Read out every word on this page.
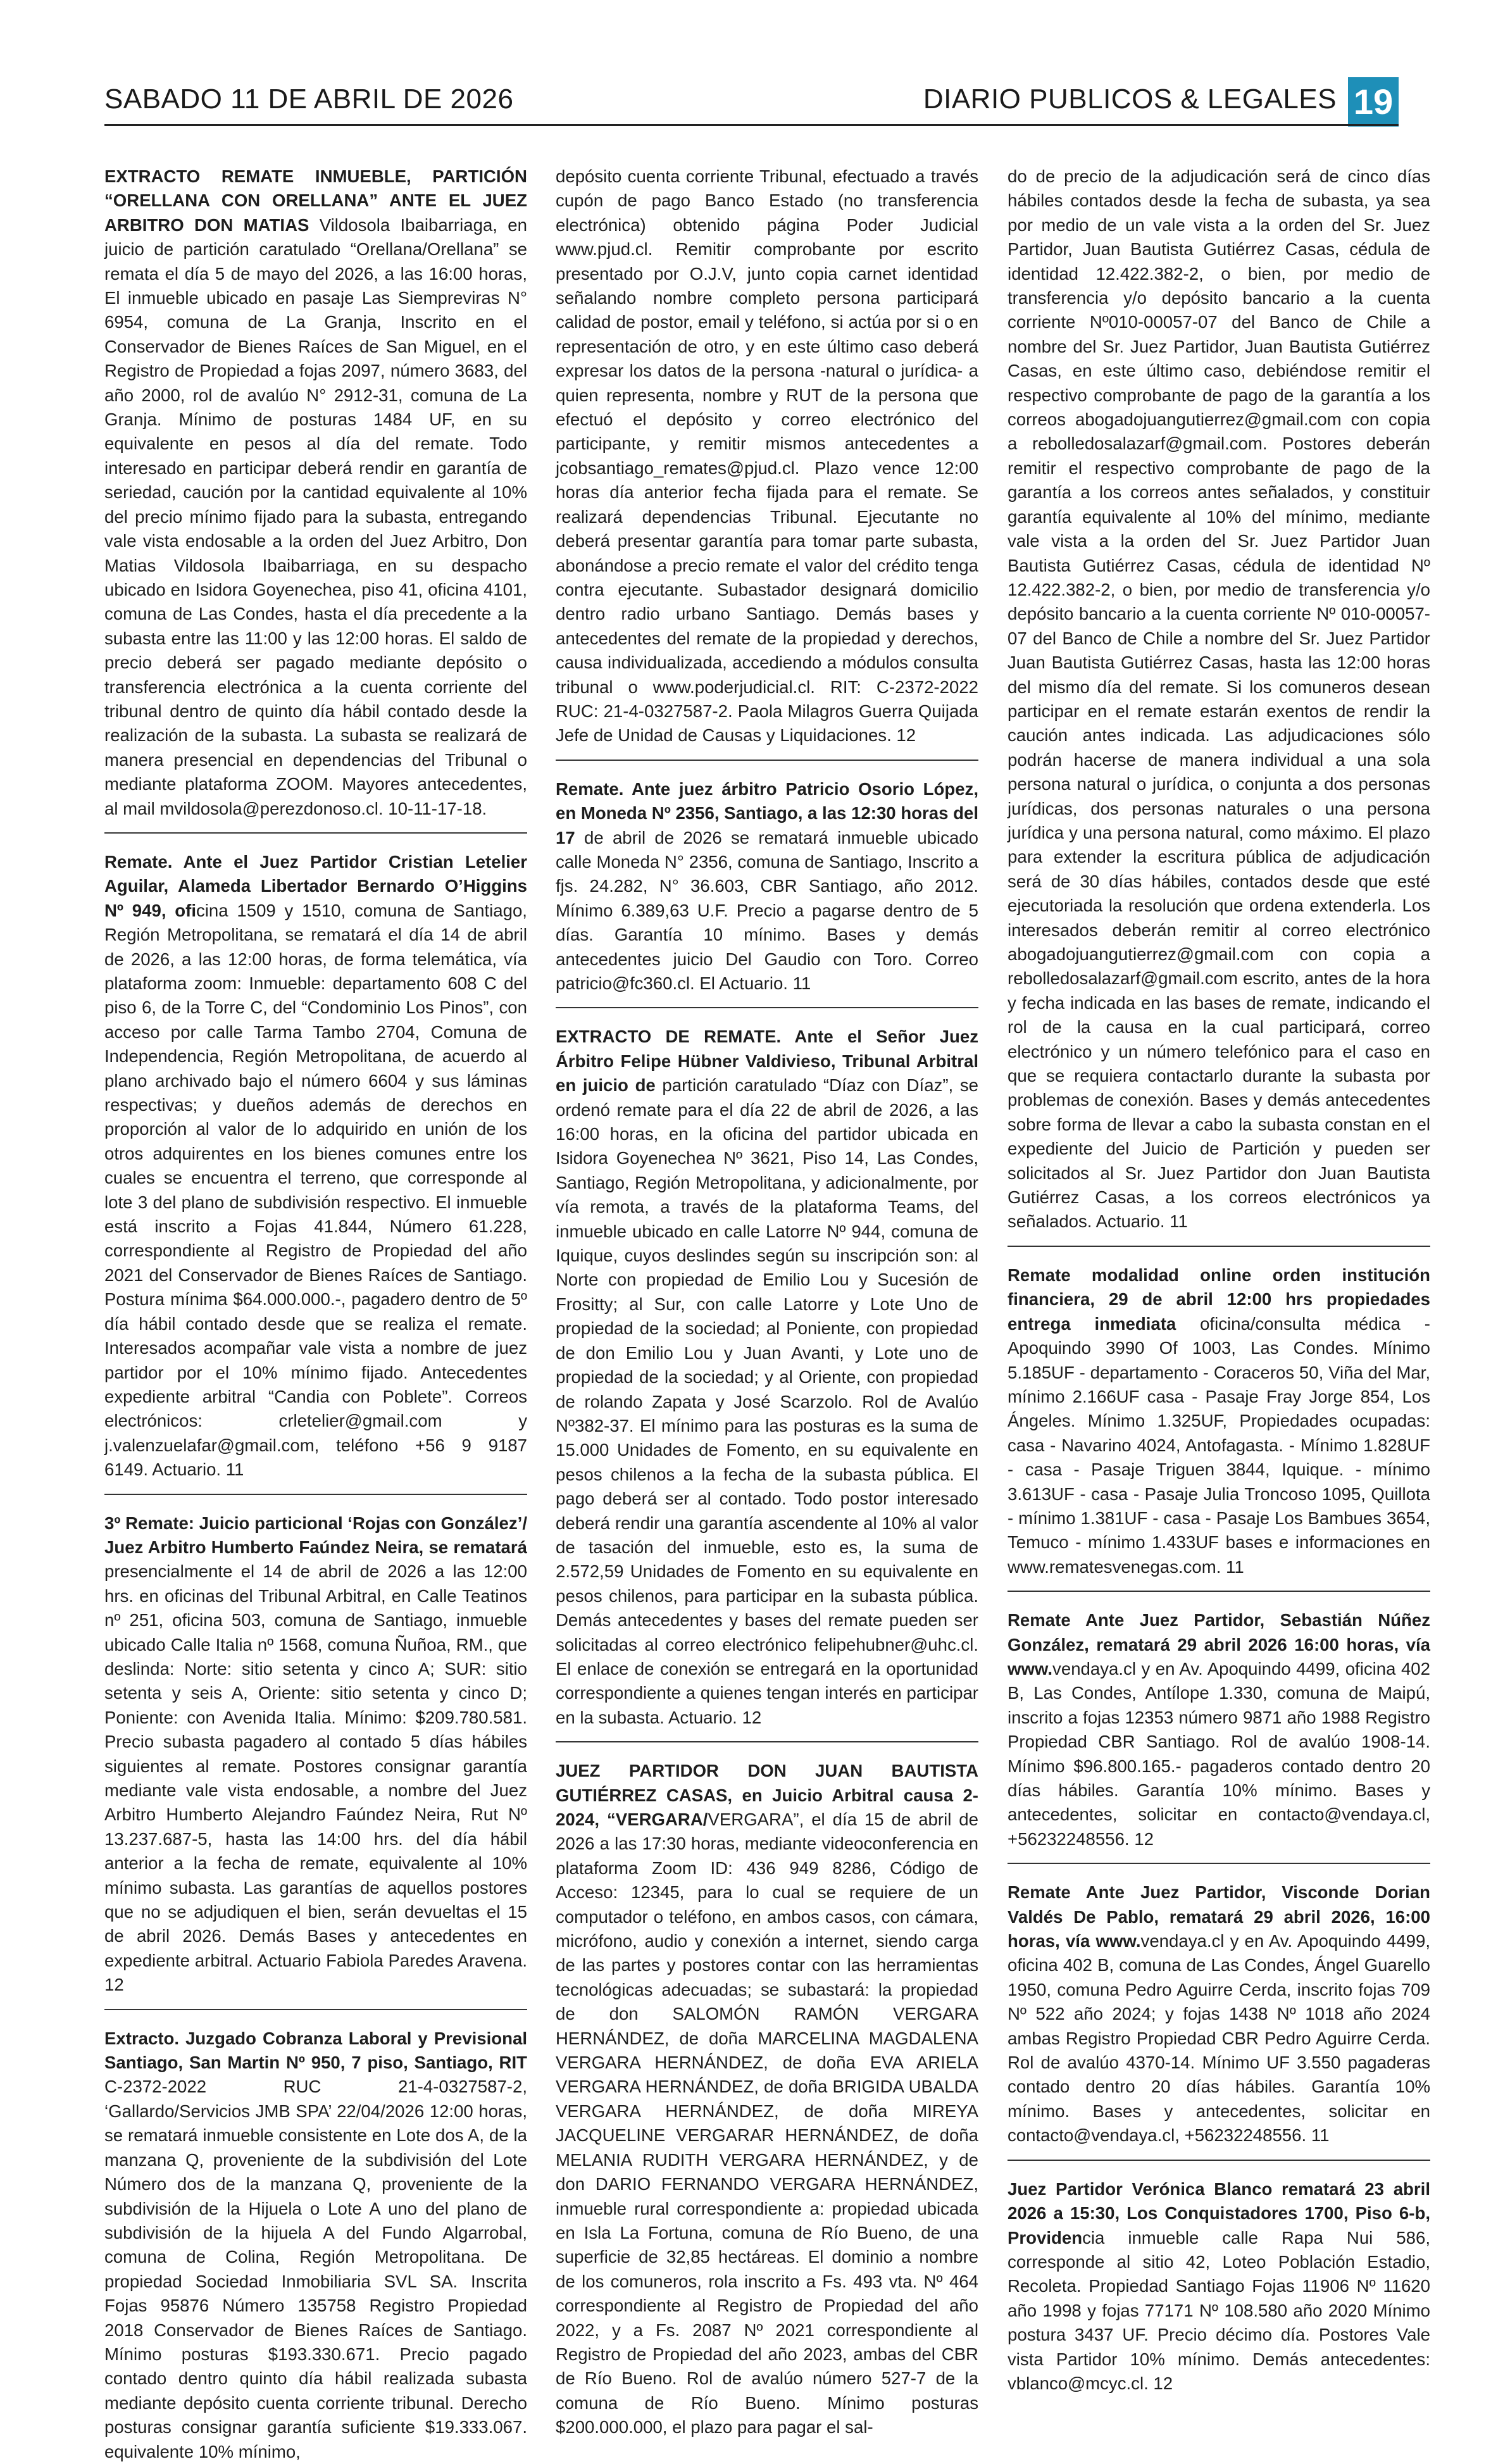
SABADO 11 DE ABRIL DE 2026	DIARIO PUBLICOS & LEGALES 19

EXTRACTO REMATE INMUEBLE, PARTICIÓN “ORELLANA CON ORELLANA” ANTE EL JUEZ ARBITRO DON MATIAS Vildosola Ibaibarriaga, en juicio de partición caratulado “Orellana/Orellana” se remata el día 5 de mayo del 2026, a las 16:00 horas, El inmueble ubicado en pasaje Las Siempreviras N° 6954, comuna de La Granja, Inscrito en el Conservador de Bienes Raíces de San Miguel, en el Registro de Propiedad a fojas 2097, número 3683, del año 2000, rol de avalúo N° 2912-31, comuna de La Granja. Mínimo de posturas 1484 UF, en su equivalente en pesos al día del remate. Todo interesado en participar deberá rendir en garantía de seriedad, caución por la cantidad equivalente al 10% del precio mínimo fijado para la subasta, entregando vale vista endosable a la orden del Juez Arbitro, Don Matias Vildosola Ibaibarriaga, en su despacho ubicado en Isidora Goyenechea, piso 41, oficina 4101, comuna de Las Condes, hasta el día precedente a la subasta entre las 11:00 y las 12:00 horas. El saldo de precio deberá ser pagado mediante depósito o transferencia electrónica a la cuenta corriente del tribunal dentro de quinto día hábil contado desde la realización de la subasta. La subasta se realizará de manera presencial en dependencias del Tribunal o mediante plataforma ZOOM. Mayores antecedentes, al mail mvildosola@perezdonoso.cl. 10-11-17-18.

Remate. Ante el Juez Partidor Cristian Letelier Aguilar, Alameda Libertador Bernardo O’Higgins Nº 949, oficina 1509 y 1510, comuna de Santiago, Región Metropolitana, se rematará el día 14 de abril de 2026, a las 12:00 horas, de forma telemática, vía plataforma zoom: Inmueble: departamento 608 C del piso 6, de la Torre C, del “Condominio Los Pinos”, con acceso por calle Tarma Tambo 2704, Comuna de Independencia, Región Metropolitana, de acuerdo al plano archivado bajo el número 6604 y sus láminas respectivas; y dueños además de derechos en proporción al valor de lo adquirido en unión de los otros adquirentes en los bienes comunes entre los cuales se encuentra el terreno, que corresponde al lote 3 del plano de subdivisión respectivo. El inmueble está inscrito a Fojas 41.844, Número 61.228, correspondiente al Registro de Propiedad del año 2021 del Conservador de Bienes Raíces de Santiago. Postura mínima $64.000.000.-, pagadero dentro de 5º día hábil contado desde que se realiza el remate. Interesados acompañar vale vista a nombre de juez partidor por el 10% mínimo fijado. Antecedentes expediente arbitral “Candia con Poblete”. Correos electrónicos: crletelier@gmail.com y j.valenzuelafar@gmail.com, teléfono +56 9 9187 6149. Actuario. 11

3º Remate: Juicio particional ‘Rojas con González’/ Juez Arbitro Humberto Faúndez Neira, se rematará presencialmente el 14 de abril de 2026 a las 12:00 hrs. en oficinas del Tribunal Arbitral, en Calle Teatinos nº 251, oficina 503, comuna de Santiago, inmueble ubicado Calle Italia nº 1568, comuna Ñuñoa, RM., que deslinda: Norte: sitio setenta y cinco A; SUR: sitio setenta y seis A, Oriente: sitio setenta y cinco D; Poniente: con Avenida Italia. Mínimo: $209.780.581. Precio subasta pagadero al contado 5 días hábiles siguientes al remate. Postores consignar garantía mediante vale vista endosable, a nombre del Juez Arbitro Humberto Alejandro Faúndez Neira, Rut Nº 13.237.687-5, hasta las 14:00 hrs. del día hábil anterior a la fecha de remate, equivalente al 10% mínimo subasta. Las garantías de aquellos postores que no se adjudiquen el bien, serán devueltas el 15 de abril 2026. Demás Bases y antecedentes en expediente arbitral. Actuario Fabiola Paredes Aravena. 12

Extracto. Juzgado Cobranza Laboral y Previsional Santiago, San Martin Nº 950, 7 piso, Santiago, RIT C-2372-2022 RUC 21-4-0327587-2, ‘Gallardo/Servicios JMB SPA’ 22/04/2026 12:00 horas, se rematará inmueble consistente en Lote dos A, de la manzana Q, proveniente de la subdivisión del Lote Número dos de la manzana Q, proveniente de la subdivisión de la Hijuela o Lote A uno del plano de subdivisión de la hijuela A del Fundo Algarrobal, comuna de Colina, Región Metropolitana. De propiedad Sociedad Inmobiliaria SVL SA. Inscrita Fojas 95876 Número 135758 Registro Propiedad 2018 Conservador de Bienes Raíces de Santiago. Mínimo posturas $193.330.671. Precio pagado contado dentro quinto día hábil realizada subasta mediante depósito cuenta corriente tribunal. Derecho posturas consignar garantía suficiente $19.333.067. equivalente 10% mínimo,

depósito cuenta corriente Tribunal, efectuado a través cupón de pago Banco Estado (no transferencia electrónica) obtenido página Poder Judicial www.pjud.cl. Remitir comprobante por escrito presentado por O.J.V, junto copia carnet identidad señalando nombre completo persona participará calidad de postor, email y teléfono, si actúa por si o en representación de otro, y en este último caso deberá expresar los datos de la persona -natural o jurídica- a quien representa, nombre y RUT de la persona que efectuó el depósito y correo electrónico del participante, y remitir mismos antecedentes a jcobsantiago_remates@pjud.cl. Plazo vence 12:00 horas día anterior fecha fijada para el remate. Se realizará dependencias Tribunal. Ejecutante no deberá presentar garantía para tomar parte subasta, abonándose a precio remate el valor del crédito tenga contra ejecutante. Subastador designará domicilio dentro radio urbano Santiago. Demás bases y antecedentes del remate de la propiedad y derechos, causa individualizada, accediendo a módulos consulta tribunal o www.poderjudicial.cl. RIT: C-2372-2022 RUC: 21-4-0327587-2. Paola Milagros Guerra Quijada Jefe de Unidad de Causas y Liquidaciones. 12

Remate. Ante juez árbitro Patricio Osorio López, en Moneda Nº 2356, Santiago, a las 12:30 horas del 17 de abril de 2026 se rematará inmueble ubicado calle Moneda N° 2356, comuna de Santiago, Inscrito a fjs. 24.282, N° 36.603, CBR Santiago, año 2012. Mínimo 6.389,63 U.F. Precio a pagarse dentro de 5 días. Garantía 10 mínimo. Bases y demás antecedentes juicio Del Gaudio con Toro. Correo patricio@fc360.cl. El Actuario. 11

EXTRACTO DE REMATE. Ante el Señor Juez Árbitro Felipe Hübner Valdivieso, Tribunal Arbitral en juicio de partición caratulado “Díaz con Díaz”, se ordenó remate para el día 22 de abril de 2026, a las 16:00 horas, en la oficina del partidor ubicada en Isidora Goyenechea Nº 3621, Piso 14, Las Condes, Santiago, Región Metropolitana, y adicionalmente, por vía remota, a través de la plataforma Teams, del inmueble ubicado en calle Latorre Nº 944, comuna de Iquique, cuyos deslindes según su inscripción son: al Norte con propiedad de Emilio Lou y Sucesión de Frositty; al Sur, con calle Latorre y Lote Uno de propiedad de la sociedad; al Poniente, con propiedad de don Emilio Lou y Juan Avanti, y Lote uno de propiedad de la sociedad; y al Oriente, con propiedad de rolando Zapata y José Scarzolo. Rol de Avalúo Nº382-37. El mínimo para las posturas es la suma de 15.000 Unidades de Fomento, en su equivalente en pesos chilenos a la fecha de la subasta pública. El pago deberá ser al contado. Todo postor interesado deberá rendir una garantía ascendente al 10% al valor de tasación del inmueble, esto es, la suma de 2.572,59 Unidades de Fomento en su equivalente en pesos chilenos, para participar en la subasta pública. Demás antecedentes y bases del remate pueden ser solicitadas al correo electrónico felipehubner@uhc.cl. El enlace de conexión se entregará en la oportunidad correspondiente a quienes tengan interés en participar en la subasta. Actuario. 12

JUEZ PARTIDOR DON JUAN BAUTISTA GUTIÉRREZ CASAS, en Juicio Arbitral causa 2-2024, “VERGARA/VERGARA”, el día 15 de abril de 2026 a las 17:30 horas, mediante videoconferencia en plataforma Zoom ID: 436 949 8286, Código de Acceso: 12345, para lo cual se requiere de un computador o teléfono, en ambos casos, con cámara, micrófono, audio y conexión a internet, siendo carga de las partes y postores contar con las herramientas tecnológicas adecuadas; se subastará: la propiedad de don SALOMÓN RAMÓN VERGARA HERNÁNDEZ, de doña MARCELINA MAGDALENA VERGARA HERNÁNDEZ, de doña EVA ARIELA VERGARA HERNÁNDEZ, de doña BRIGIDA UBALDA VERGARA HERNÁNDEZ, de doña MIREYA JACQUELINE VERGARAR HERNÁNDEZ, de doña MELANIA RUDITH VERGARA HERNÁNDEZ, y de don DARIO FERNANDO VERGARA HERNÁNDEZ, inmueble rural correspondiente a: propiedad ubicada en Isla La Fortuna, comuna de Río Bueno, de una superficie de 32,85 hectáreas. El dominio a nombre de los comuneros, rola inscrito a Fs. 493 vta. Nº 464 correspondiente al Registro de Propiedad del año 2022, y a Fs. 2087 Nº 2021 correspondiente al Registro de Propiedad del año 2023, ambas del CBR de Río Bueno. Rol de avalúo número 527-7 de la comuna de Río Bueno. Mínimo posturas $200.000.000, el plazo para pagar el sal-

do de precio de la adjudicación será de cinco días hábiles contados desde la fecha de subasta, ya sea por medio de un vale vista a la orden del Sr. Juez Partidor, Juan Bautista Gutiérrez Casas, cédula de identidad 12.422.382-2, o bien, por medio de transferencia y/o depósito bancario a la cuenta corriente Nº010-00057-07 del Banco de Chile a nombre del Sr. Juez Partidor, Juan Bautista Gutiérrez Casas, en este último caso, debiéndose remitir el respectivo comprobante de pago de la garantía a los correos abogadojuangutierrez@gmail.com con copia a rebolledosalazarf@gmail.com. Postores deberán remitir el respectivo comprobante de pago de la garantía a los correos antes señalados, y constituir garantía equivalente al 10% del mínimo, mediante vale vista a la orden del Sr. Juez Partidor Juan Bautista Gutiérrez Casas, cédula de identidad Nº 12.422.382-2, o bien, por medio de transferencia y/o depósito bancario a la cuenta corriente Nº 010-00057-07 del Banco de Chile a nombre del Sr. Juez Partidor Juan Bautista Gutiérrez Casas, hasta las 12:00 horas del mismo día del remate. Si los comuneros desean participar en el remate estarán exentos de rendir la caución antes indicada. Las adjudicaciones sólo podrán hacerse de manera individual a una sola persona natural o jurídica, o conjunta a dos personas jurídicas, dos personas naturales o una persona jurídica y una persona natural, como máximo. El plazo para extender la escritura pública de adjudicación será de 30 días hábiles, contados desde que esté ejecutoriada la resolución que ordena extenderla. Los interesados deberán remitir al correo electrónico abogadojuangutierrez@gmail.com con copia a rebolledosalazarf@gmail.com escrito, antes de la hora y fecha indicada en las bases de remate, indicando el rol de la causa en la cual participará, correo electrónico y un número telefónico para el caso en que se requiera contactarlo durante la subasta por problemas de conexión. Bases y demás antecedentes sobre forma de llevar a cabo la subasta constan en el expediente del Juicio de Partición y pueden ser solicitados al Sr. Juez Partidor don Juan Bautista Gutiérrez Casas, a los correos electrónicos ya señalados. Actuario. 11

Remate modalidad online orden institución financiera, 29 de abril 12:00 hrs propiedades entrega inmediata oficina/consulta médica - Apoquindo 3990 Of 1003, Las Condes. Mínimo 5.185UF - departamento - Coraceros 50, Viña del Mar, mínimo 2.166UF casa - Pasaje Fray Jorge 854, Los Ángeles. Mínimo 1.325UF, Propiedades ocupadas: casa - Navarino 4024, Antofagasta. - Mínimo 1.828UF - casa - Pasaje Triguen 3844, Iquique. - mínimo 3.613UF - casa - Pasaje Julia Troncoso 1095, Quillota - mínimo 1.381UF - casa - Pasaje Los Bambues 3654, Temuco - mínimo 1.433UF bases e informaciones en www.rematesvenegas.com. 11

Remate Ante Juez Partidor, Sebastián Núñez González, rematará 29 abril 2026 16:00 horas, vía www.vendaya.cl y en Av. Apoquindo 4499, oficina 402 B, Las Condes, Antílope 1.330, comuna de Maipú, inscrito a fojas 12353 número 9871 año 1988 Registro Propiedad CBR Santiago. Rol de avalúo 1908-14. Mínimo $96.800.165.- pagaderos contado dentro 20 días hábiles. Garantía 10% mínimo. Bases y antecedentes, solicitar en contacto@vendaya.cl, +56232248556. 12

Remate Ante Juez Partidor, Visconde Dorian Valdés De Pablo, rematará 29 abril 2026, 16:00 horas, vía www.vendaya.cl y en Av. Apoquindo 4499, oficina 402 B, comuna de Las Condes, Ángel Guarello 1950, comuna Pedro Aguirre Cerda, inscrito fojas 709 Nº 522 año 2024; y fojas 1438 Nº 1018 año 2024 ambas Registro Propiedad CBR Pedro Aguirre Cerda. Rol de avalúo 4370-14. Mínimo UF 3.550 pagaderas contado dentro 20 días hábiles. Garantía 10% mínimo. Bases y antecedentes, solicitar en contacto@vendaya.cl, +56232248556. 11

Juez Partidor Verónica Blanco rematará 23 abril 2026 a 15:30, Los Conquistadores 1700, Piso 6-b, Providencia inmueble calle Rapa Nui 586, corresponde al sitio 42, Loteo Población Estadio, Recoleta. Propiedad Santiago Fojas 11906 Nº 11620 año 1998 y fojas 77171 Nº 108.580 año 2020 Mínimo postura 3437 UF. Precio décimo día. Postores Vale vista Partidor 10% mínimo. Demás antecedentes: vblanco@mcyc.cl. 12
